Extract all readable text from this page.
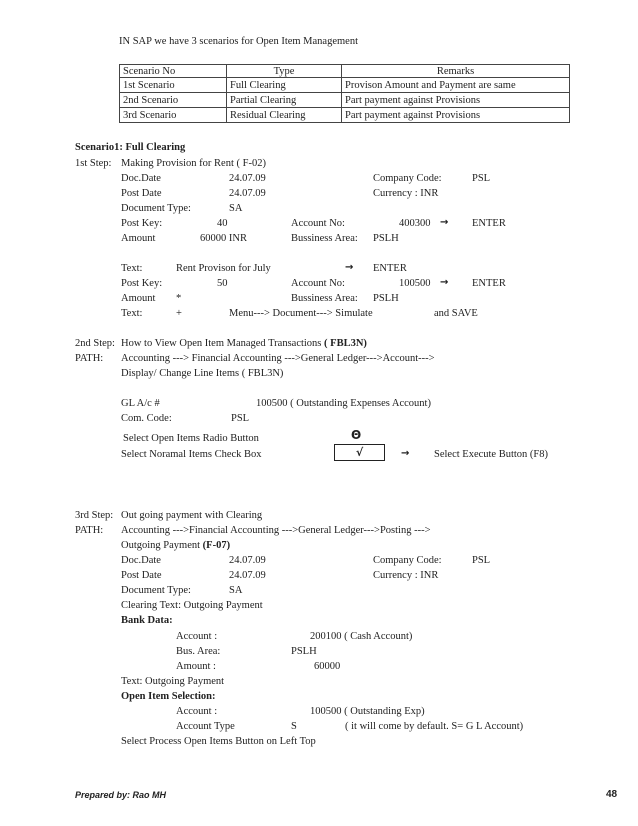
IN SAP we have 3 scenarios for Open Item Management
Scenario No	Type	Remarks
1st Scenario	Full Clearing	Provison Amount and Payment are same
2nd Scenario	Partial Clearing	Part payment against Provisions
3rd Scenario	Residual Clearing	Part payment against Provisions
Scenario1: Full Clearing
1st Step: Making Provision for Rent ( F-02)
Doc.Date	24.07.09	Company Code:	PSL
Post Date	24.07.09	Currency : INR
Document Type:	SA
Post Key:	40	Account No:	400300 → ENTER
Amount	60000 INR	Bussiness Area: PSLH
Text:	Rent Provison for July	→ ENTER
Post Key:	50	Account No:	100500 → ENTER
Amount *	Bussiness Area: PSLH
Text:	+	Menu---> Document---> Simulate	and SAVE
2nd Step: How to View Open Item Managed Transactions ( FBL3N)
PATH: Accounting ---> Financial Accounting --->General Ledger--->Account--->
Display/ Change Line Items ( FBL3N)
GL A/c #	100500 ( Outstanding Expenses Account)
Com. Code:	PSL
Select Open Items Radio Button	Θ
Select Noramal Items Check Box	√	→ Select Execute Button (F8)
3rd Step: Out going payment with Clearing
PATH: Accounting --->Financial Accounting --->General Ledger--->Posting --->
Outgoing Payment (F-07)
Doc.Date	24.07.09	Company Code:	PSL
Post Date	24.07.09	Currency : INR
Document Type:	SA
Clearing Text: Outgoing Payment
Bank Data:
Account :	200100 ( Cash Account)
Bus. Area:	PSLH
Amount :	60000
Text: Outgoing Payment
Open Item Selection:
Account :	100500 ( Outstanding Exp)
Account Type	S	( it will come by default. S= G L Account)
Select Process Open Items Button on Left Top
Prepared by: Rao MH	48
